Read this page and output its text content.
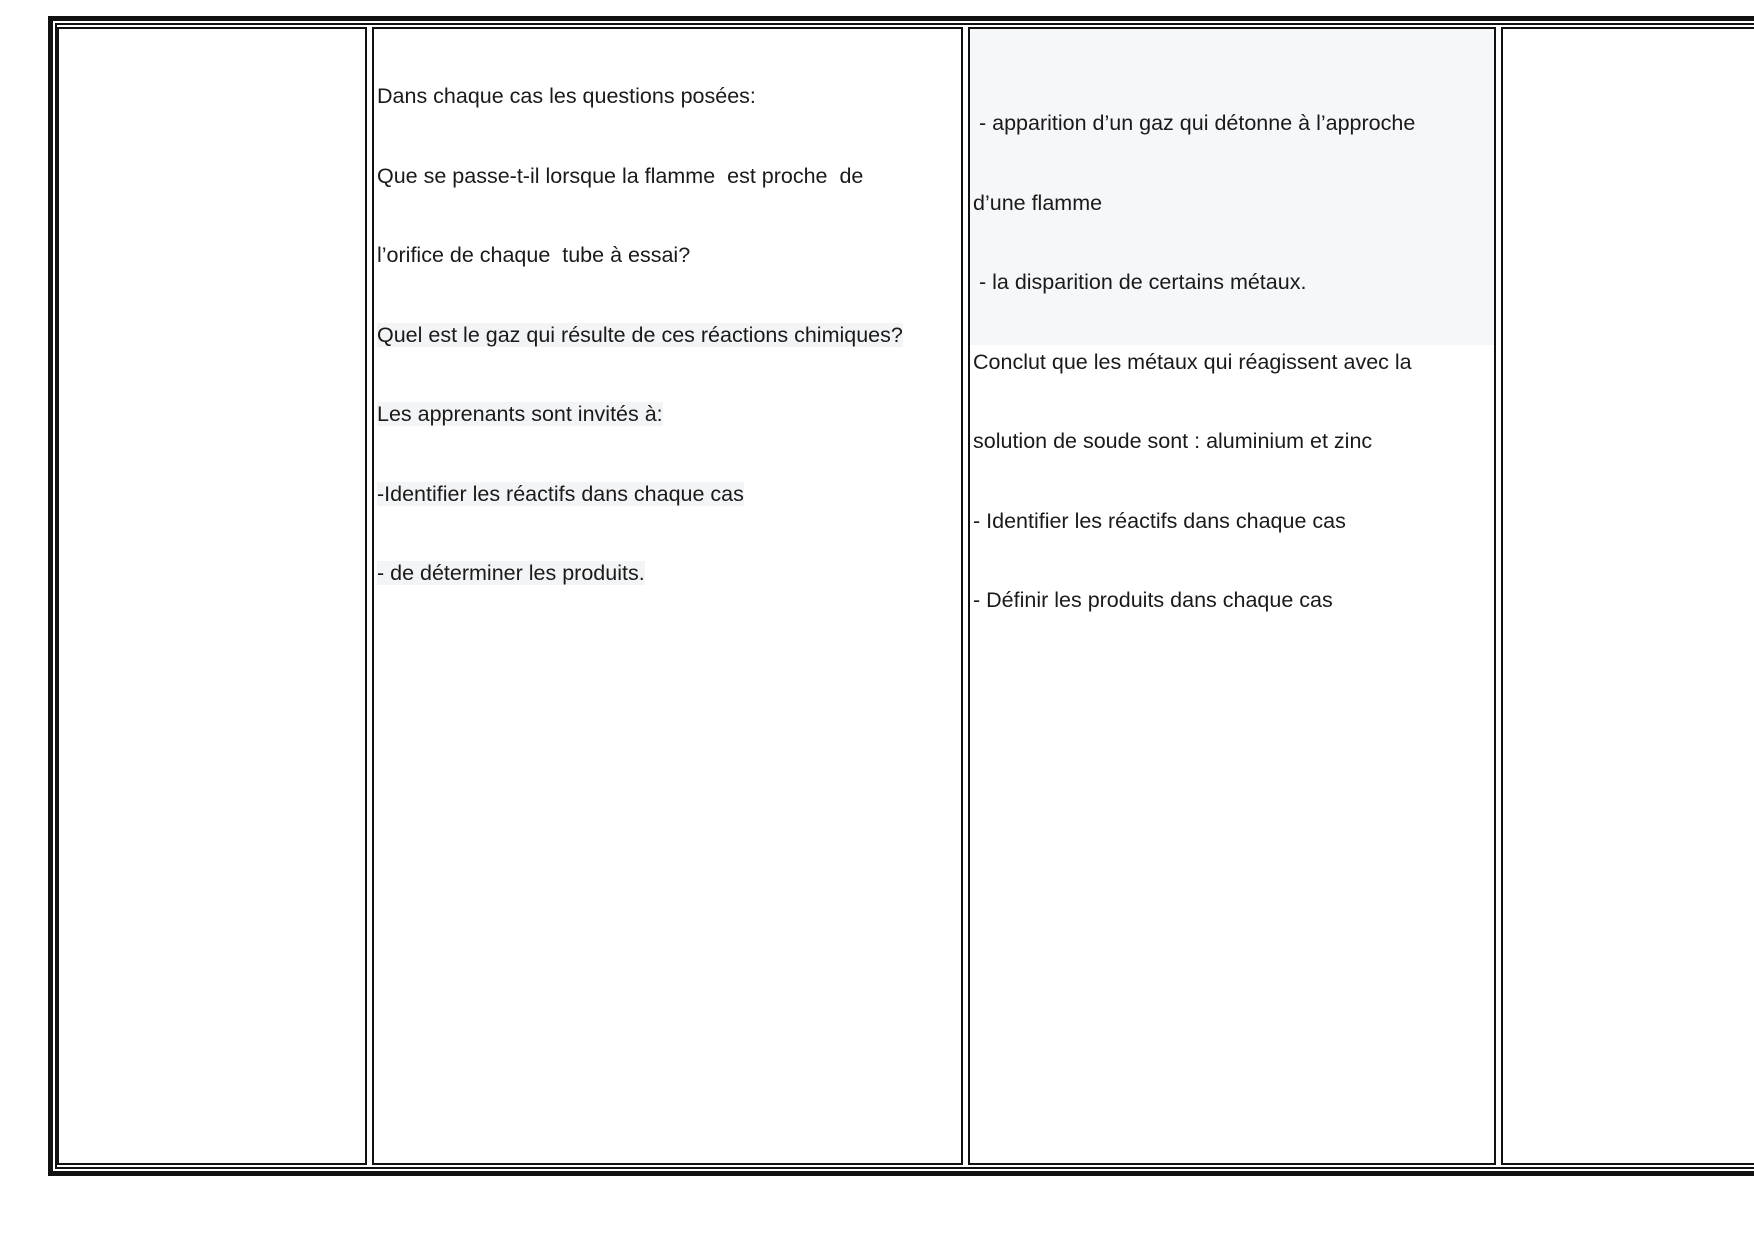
Dans chaque cas les questions posées:

Que se passe-t-il lorsque la flamme  est proche  de

l’orifice de chaque  tube à essai?

Quel est le gaz qui résulte de ces réactions chimiques?

Les apprenants sont invités à:

-Identifier les réactifs dans chaque cas

- de déterminer les produits.

- apparition d’un gaz qui détonne à l’approche

d’une flamme

- la disparition de certains métaux.

Conclut que les métaux qui réagissent avec la

solution de soude sont : aluminium et zinc

- Identifier les réactifs dans chaque cas

- Définir les produits dans chaque cas
